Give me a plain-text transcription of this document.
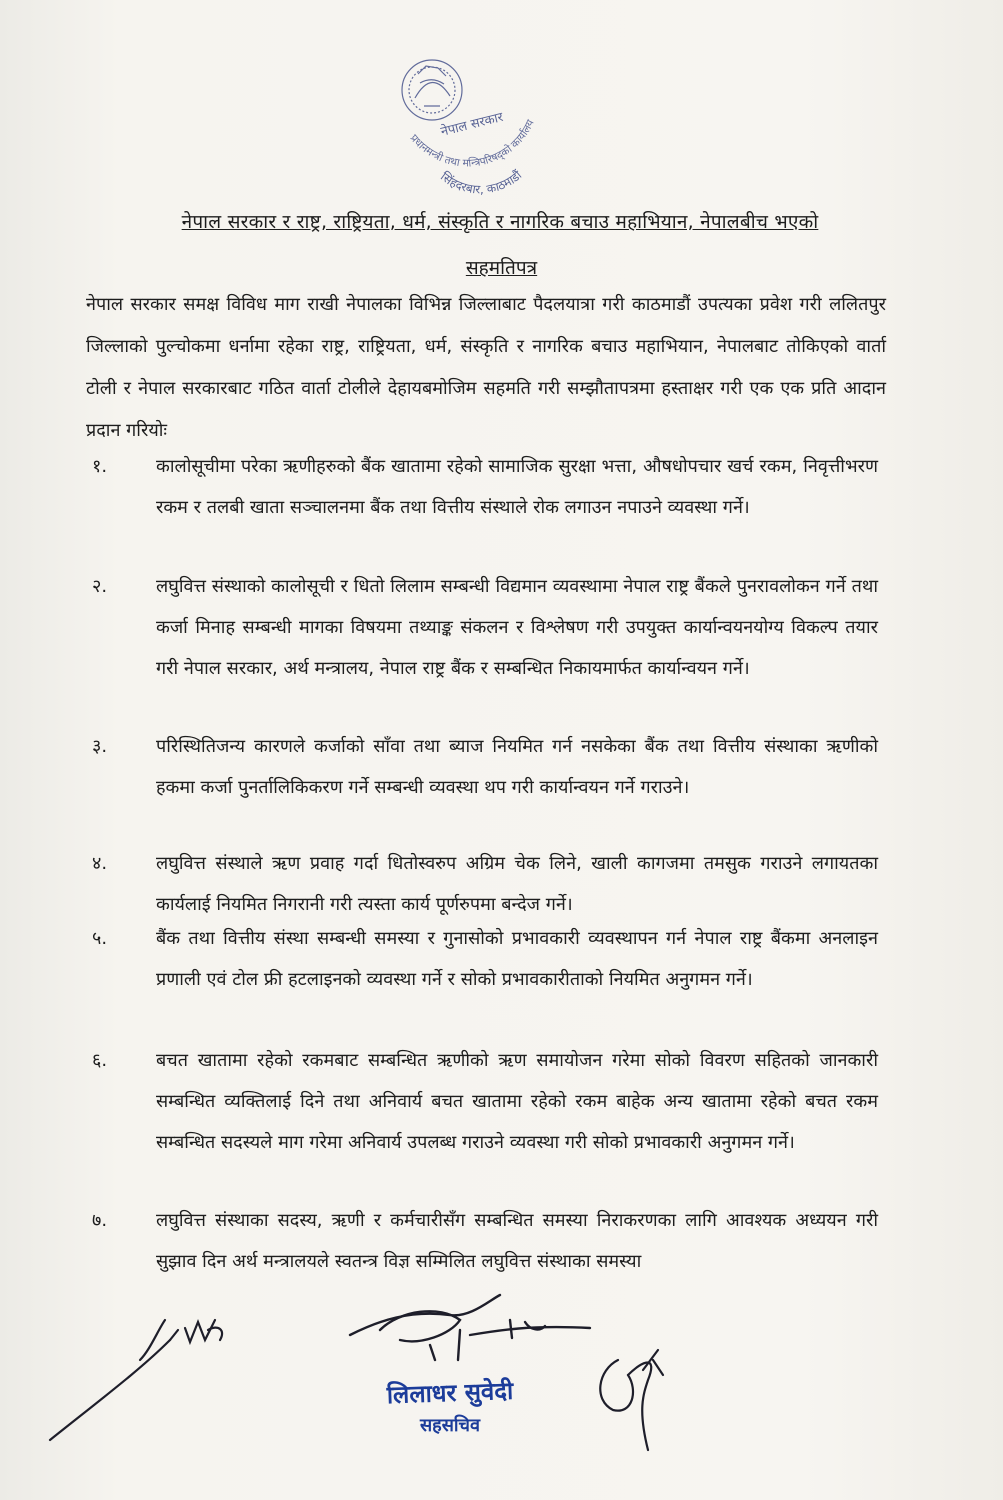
नेपाल सरकार
प्रधानमन्त्री तथा मन्त्रिपरिषद्‍को कार्यालय
सिंहदरबार, काठमाडौं
नेपाल सरकार र राष्ट्र, राष्ट्रियता, धर्म, संस्कृति र नागरिक बचाउ महाभियान, नेपालबीच भएको
सहमतिपत्र
नेपाल सरकार समक्ष विविध माग राखी नेपालका विभिन्न जिल्लाबाट पैदलयात्रा गरी काठमाडौं उपत्यका प्रवेश गरी ललितपुर जिल्लाको पुल्चोकमा धर्नामा रहेका राष्ट्र, राष्ट्रियता, धर्म, संस्कृति र नागरिक बचाउ महाभियान, नेपालबाट तोकिएको वार्ता टोली र नेपाल सरकारबाट गठित वार्ता टोलीले देहायबमोजिम सहमति गरी सम्झौतापत्रमा हस्ताक्षर गरी एक एक प्रति आदान प्रदान गरियोः
१.	कालोसूचीमा परेका ऋणीहरुको बैंक खातामा रहेको सामाजिक सुरक्षा भत्ता, औषधोपचार खर्च रकम, निवृत्तीभरण रकम र तलबी खाता सञ्चालनमा बैंक तथा वित्तीय संस्थाले रोक लगाउन नपाउने व्यवस्था गर्ने।
२.	लघुवित्त संस्थाको कालोसूची र धितो लिलाम सम्बन्धी विद्यमान व्यवस्थामा नेपाल राष्ट्र बैंकले पुनरावलोकन गर्ने तथा कर्जा मिनाह सम्बन्धी मागका विषयमा तथ्याङ्क संकलन र विश्लेषण गरी उपयुक्त कार्यान्वयनयोग्य विकल्प तयार गरी नेपाल सरकार, अर्थ मन्त्रालय, नेपाल राष्ट्र बैंक र सम्बन्धित निकायमार्फत कार्यान्वयन गर्ने।
३.	परिस्थितिजन्य कारणले कर्जाको साँवा तथा ब्याज नियमित गर्न नसकेका बैंक तथा वित्तीय संस्थाका ऋणीको हकमा कर्जा पुनर्तालिकिकरण गर्ने सम्बन्धी व्यवस्था थप गरी कार्यान्वयन गर्ने गराउने।
४.	लघुवित्त संस्थाले ऋण प्रवाह गर्दा धितोस्वरुप अग्रिम चेक लिने, खाली कागजमा तमसुक गराउने लगायतका कार्यलाई नियमित निगरानी गरी त्यस्ता कार्य पूर्णरुपमा बन्देज गर्ने।
५.	बैंक तथा वित्तीय संस्था सम्बन्धी समस्या र गुनासोको प्रभावकारी व्यवस्थापन गर्न नेपाल राष्ट्र बैंकमा अनलाइन प्रणाली एवं टोल फ्री हटलाइनको व्यवस्था गर्ने र सोको प्रभावकारीताको नियमित अनुगमन गर्ने।
६.	बचत खातामा रहेको रकमबाट सम्बन्धित ऋणीको ऋण समायोजन गरेमा सोको विवरण सहितको जानकारी सम्बन्धित व्यक्तिलाई दिने तथा अनिवार्य बचत खातामा रहेको रकम बाहेक अन्य खातामा रहेको बचत रकम सम्बन्धित सदस्यले माग गरेमा अनिवार्य उपलब्ध गराउने व्यवस्था गरी सोको प्रभावकारी अनुगमन गर्ने।
७.	लघुवित्त संस्थाका सदस्य, ऋणी र कर्मचारीसँग सम्बन्धित समस्या निराकरणका लागि आवश्यक अध्ययन गरी सुझाव दिन अर्थ मन्त्रालयले स्वतन्त्र विज्ञ सम्मिलित लघुवित्त संस्थाका समस्या
लिलाधर सुवेदी
सहसचिव
